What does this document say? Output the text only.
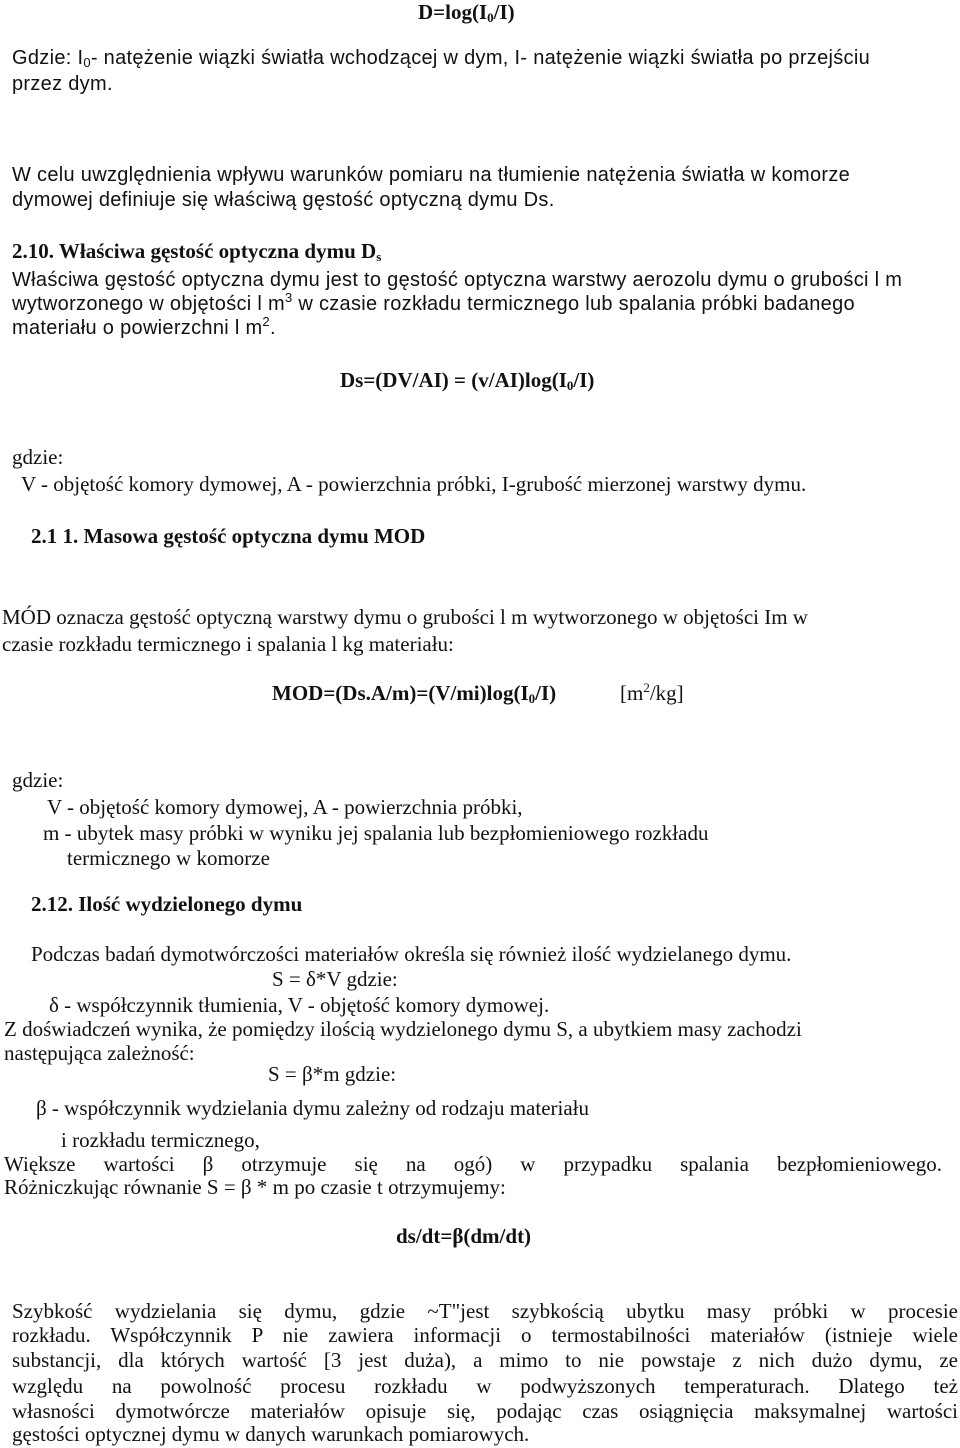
$D=\log(I_0/I)$
Gdzie: $I_0-$ natężenie wiązki światła wchodzącej w dym, I- natężenie wiązki światła po przejściu
przez dym.
W celu uwzględnienia wpływu warunków pomiaru na tłumienie natężenia światła w komorze
dymowej definiuje się właściwą gęstość optyczną dymu Ds.
2.10. Właściwa gęstość optyczna dymu $D_s$
Właściwa gęstość optyczna dymu jest to gęstość optyczna warstwy aerozolu dymu o grubości l m
wytworzonego w objętości l $m^3$ w czasie rozkładu termicznego lub spalania próbki badanego
materiału o powierzchni l $m^2$.
$Ds=(DV/AI) = (v/AI)\log(I_0/I)$
gdzie:
V - objętość komory dymowej, A - powierzchnia próbki, I-grubość mierzonej warstwy dymu.
2.1 1. Masowa gęstość optyczna dymu MOD
MÓD oznacza gęstość optyczną warstwy dymu o grubości l m wytworzonego w objętości Im w
czasie rozkładu termicznego i spalania l kg materiału:
$MOD=(Ds.A/m)=(V/mi)\log(I_0/I)$	$[m^2/kg]$
gdzie:
V - objętość komory dymowej, A - powierzchnia próbki,
m - ubytek masy próbki w wyniku jej spalania lub bezpłomieniowego rozkładu
termicznego w komorze
2.12. Ilość wydzielonego dymu
Podczas badań dymotwórczości materiałów określa się również ilość wydzielanego dymu.
S = δ*V gdzie:
δ - współczynnik tłumienia, V - objętość komory dymowej.
Z doświadczeń wynika, że pomiędzy ilością wydzielonego dymu S, a ubytkiem masy zachodzi
następująca zależność:
S = β*m gdzie:
β - współczynnik wydzielania dymu zależny od rodzaju materiału
i rozkładu termicznego,
Większe wartości β otrzymuje się na ogó) w przypadku spalania bezpłomieniowego.
Różniczkując równanie S = β * m po czasie t otrzymujemy:
ds/dt=β(dm/dt)
Szybkość wydzielania się dymu, gdzie ~T"jest szybkością ubytku masy próbki w procesie
rozkładu. Współczynnik P nie zawiera informacji o termostabilności materiałów (istnieje wiele
substancji, dla których wartość [3 jest duża), a mimo to nie powstaje z nich dużo dymu, ze
względu na powolność procesu rozkładu w podwyższonych temperaturach. Dlatego też
własności dymotwórcze materiałów opisuje się, podając czas osiągnięcia maksymalnej wartości
gęstości optycznej dymu w danych warunkach pomiarowych.
